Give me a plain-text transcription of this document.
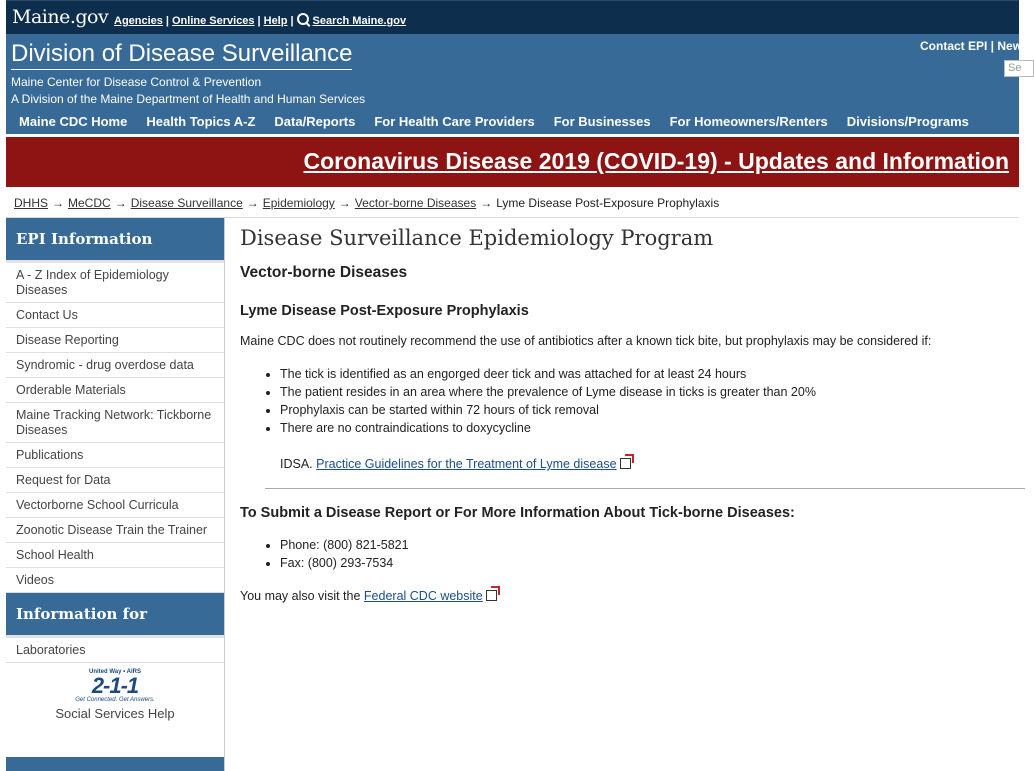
Maine.gov Agencies | Online Services | Help | Search Maine.gov
Division of Disease Surveillance
Maine Center for Disease Control & Prevention
A Division of the Maine Department of Health and Human Services
Contact EPI | News
Se
Maine CDC Home	Health Topics A-Z	Data/Reports	For Health Care Providers	For Businesses	For Homeowners/Renters	Divisions/Programs
Coronavirus Disease 2019 (COVID-19) - Updates and Information
DHHS → MeCDC → Disease Surveillance → Epidemiology → Vector-borne Diseases → Lyme Disease Post-Exposure Prophylaxis
EPI Information
A - Z Index of Epidemiology Diseases
Contact Us
Disease Reporting
Syndromic - drug overdose data
Orderable Materials
Maine Tracking Network: Tickborne Diseases
Publications
Request for Data
Vectorborne School Curricula
Zoonotic Disease Train the Trainer
School Health
Videos
Information for
Laboratories
United Way • AIRS
2-1-1
Get Connected. Get Answers.
Social Services Help
Disease Surveillance Epidemiology Program
Vector-borne Diseases
Lyme Disease Post-Exposure Prophylaxis

Maine CDC does not routinely recommend the use of antibiotics after a known tick bite, but prophylaxis may be considered if:

• The tick is identified as an engorged deer tick and was attached for at least 24 hours
• The patient resides in an area where the prevalence of Lyme disease in ticks is greater than 20%
• Prophylaxis can be started within 72 hours of tick removal
• There are no contraindications to doxycycline

IDSA. Practice Guidelines for the Treatment of Lyme disease

To Submit a Disease Report or For More Information About Tick-borne Diseases:

• Phone: (800) 821-5821
• Fax: (800) 293-7534

You may also visit the Federal CDC website
